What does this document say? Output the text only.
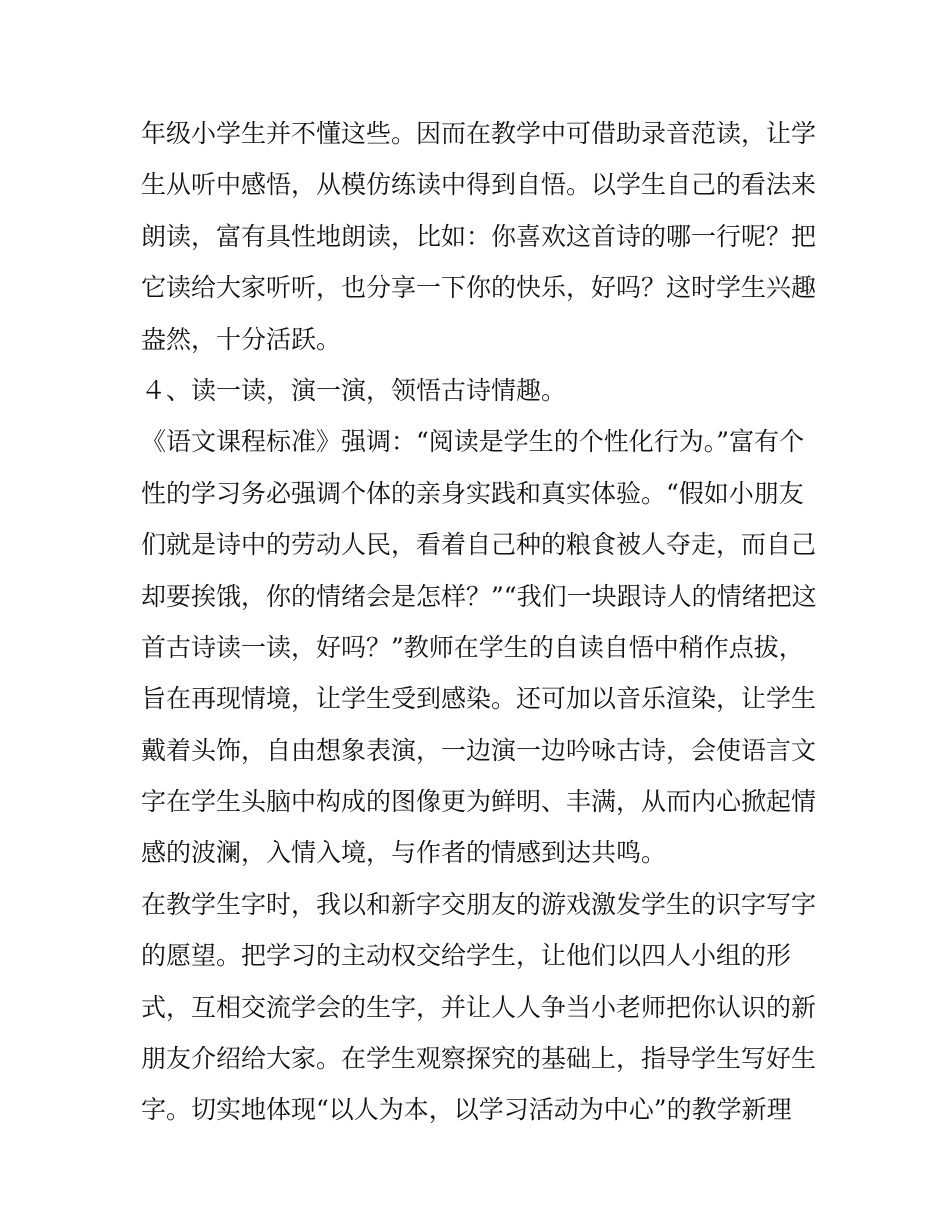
年级小学生并不懂这些。因而在教学中可借助录音范读，让学
生从听中感悟，从模仿练读中得到自悟。以学生自己的看法来
朗读，富有具性地朗读，比如：你喜欢这首诗的哪一行呢？把
它读给大家听听，也分享一下你的快乐，好吗？这时学生兴趣
盎然，十分活跃。
４、读一读，演一演，领悟古诗情趣。
《语文课程标准》强调：“阅读是学生的个性化行为。”富有个
性的学习务必强调个体的亲身实践和真实体验。“假如小朋友
们就是诗中的劳动人民，看着自己种的粮食被人夺走，而自己
却要挨饿，你的情绪会是怎样？”“我们一块跟诗人的情绪把这
首古诗读一读，好吗？”教师在学生的自读自悟中稍作点拔，
旨在再现情境，让学生受到感染。还可加以音乐渲染，让学生
戴着头饰，自由想象表演，一边演一边吟咏古诗，会使语言文
字在学生头脑中构成的图像更为鲜明、丰满，从而内心掀起情
感的波澜，入情入境，与作者的情感到达共鸣。
在教学生字时，我以和新字交朋友的游戏激发学生的识字写字
的愿望。把学习的主动权交给学生，让他们以四人小组的形
式，互相交流学会的生字，并让人人争当小老师把你认识的新
朋友介绍给大家。在学生观察探究的基础上，指导学生写好生
字。切实地体现“以人为本，以学习活动为中心”的教学新理
